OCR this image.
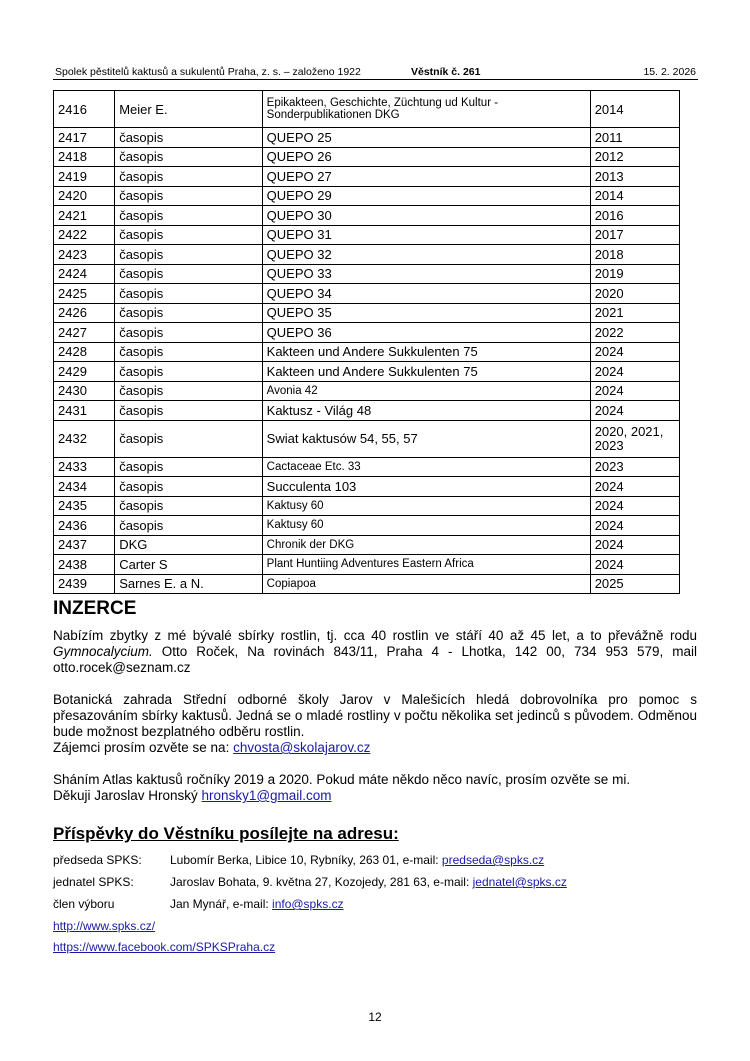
Spolek pěstitelů kaktusů a sukulentů Praha, z. s. – založeno 1922	Věstník č. 261	15. 2. 2026
2416	Meier E.	Epikakteen, Geschichte, Züchtung ud Kultur - Sonderpublikationen DKG	2014
2417	časopis	QUEPO 25	2011
2418	časopis	QUEPO 26	2012
2419	časopis	QUEPO 27	2013
2420	časopis	QUEPO 29	2014
2421	časopis	QUEPO 30	2016
2422	časopis	QUEPO 31	2017
2423	časopis	QUEPO 32	2018
2424	časopis	QUEPO 33	2019
2425	časopis	QUEPO 34	2020
2426	časopis	QUEPO 35	2021
2427	časopis	QUEPO 36	2022
2428	časopis	Kakteen und Andere Sukkulenten 75	2024
2429	časopis	Kakteen und Andere Sukkulenten 75	2024
2430	časopis	Avonia 42	2024
2431	časopis	Kaktusz - Világ 48	2024
2432	časopis	Swiat kaktusów 54, 55, 57	2020, 2021, 2023
2433	časopis	Cactaceae Etc. 33	2023
2434	časopis	Succulenta 103	2024
2435	časopis	Kaktusy 60	2024
2436	časopis	Kaktusy 60	2024
2437	DKG	Chronik der DKG	2024
2438	Carter S	Plant Huntiing Adventures Eastern Africa	2024
2439	Sarnes E. a N.	Copiapoa	2025
INZERCE
Nabízím zbytky z mé bývalé sbírky rostlin, tj. cca 40 rostlin ve stáří 40 až 45 let, a to převážně rodu Gymnocalycium. Otto Roček, Na rovinách 843/11, Praha 4 - Lhotka, 142 00, 734 953 579, mail otto.rocek@seznam.cz
Botanická zahrada Střední odborné školy Jarov v Malešicích hledá dobrovolníka pro pomoc s přesazováním sbírky kaktusů. Jedná se o mladé rostliny v počtu několika set jedinců s původem. Odměnou bude možnost bezplatného odběru rostlin.
Zájemci prosím ozvěte se na: chvosta@skolajarov.cz
Sháním Atlas kaktusů ročníky 2019 a 2020. Pokud máte někdo něco navíc, prosím ozvěte se mi.
Děkuji Jaroslav Hronský hronsky1@gmail.com
Příspěvky do Věstníku posílejte na adresu:
předseda SPKS:	Lubomír Berka, Libice 10, Rybníky, 263 01, e-mail: predseda@spks.cz
jednatel SPKS:	Jaroslav Bohata, 9. května 27, Kozojedy, 281 63, e-mail: jednatel@spks.cz
člen výboru	Jan Mynář, e-mail: info@spks.cz
http://www.spks.cz/
https://www.facebook.com/SPKSPraha.cz
12
